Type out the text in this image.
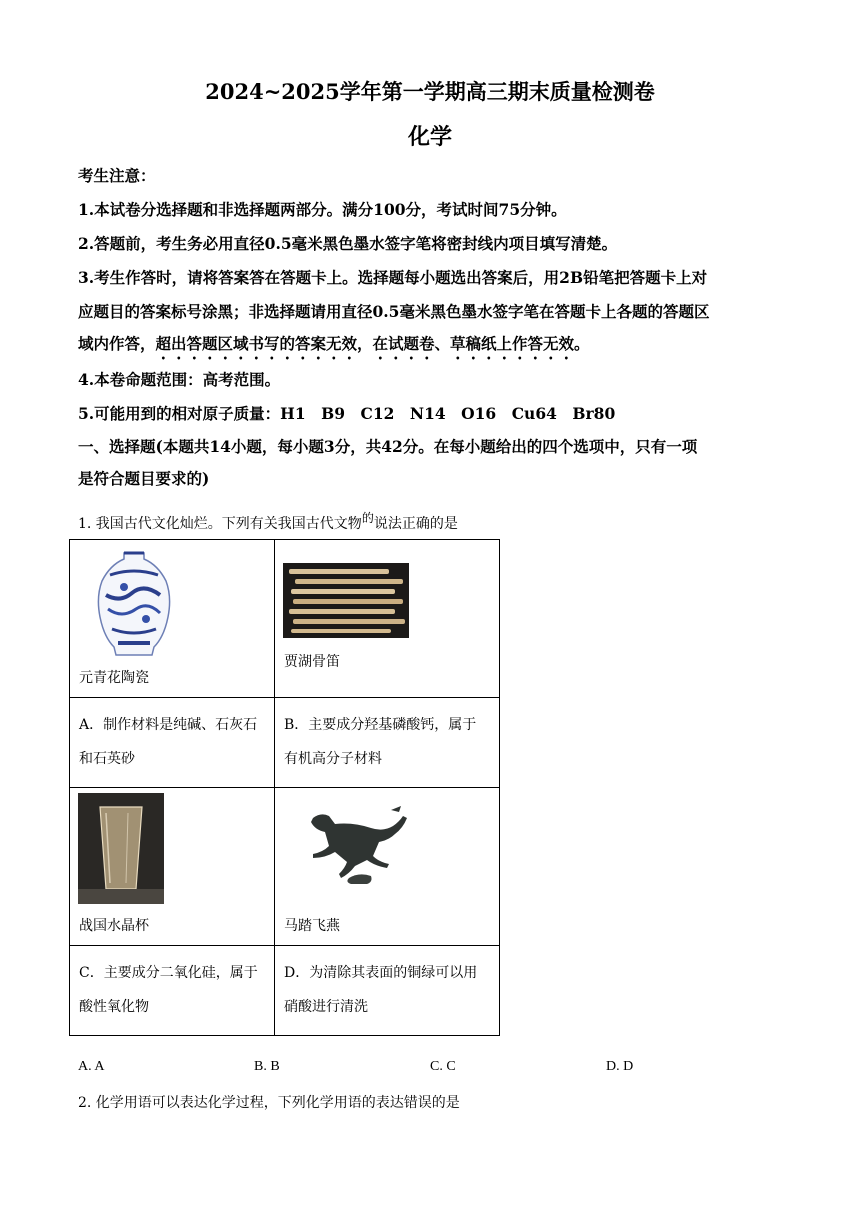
2024~2025学年第一学期高三期末质量检测卷
化学
考生注意：
1.本试卷分选择题和非选择题两部分。满分100分，考试时间75分钟。
2.答题前，考生务必用直径0.5毫米黑色墨水签字笔将密封线内项目填写清楚。
3.考生作答时，请将答案答在答题卡上。选择题每小题选出答案后，用2B铅笔把答题卡上对
应题目的答案标号涂黑；非选择题请用直径0.5毫米黑色墨水签字笔在答题卡上各题的答题区
域内作答，超出答题区域书写的答案无效，在试题卷、草稿纸上作答无效。
4.本卷命题范围：高考范围。
5.可能用到的相对原子质量：H1　B9　C12　N14　O16　Cu64　Br80
一、选择题(本题共14小题，每小题3分，共42分。在每小题给出的四个选项中，只有一项
是符合题目要求的)
1. 我国古代文化灿烂。下列有关我国古代文物$^的$说法正确的是
元青花陶瓷	贾湖骨笛

A．制作材料是纯碱、石灰石和石英砂	B．主要成分羟基磷酸钙，属于有机高分子材料

战国水晶杯	马踏飞燕

C．主要成分二氧化硅，属于酸性氧化物	D．为清除其表面的铜绿可以用硝酸进行清洗
A. A	B. B	C. C	D. D
2. 化学用语可以表达化学过程，下列化学用语的表达错误的是
